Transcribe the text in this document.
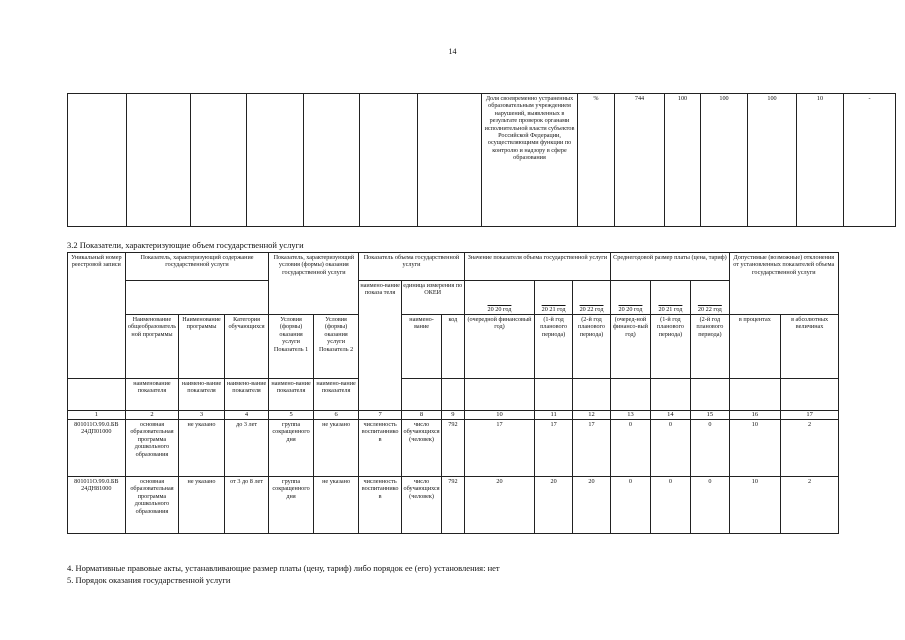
14
							Доля своевременно устраненных образовательным учреждением нарушений, выявленных в результате проверок органами исполнительной власти субъектов Российской Федерации, осуществляющими функции по контролю и надзору в сфере образования	%	744	100	100	100	10	-
3.2 Показатели, характеризующие объем государственной услуги
Уникальный номер реестровой записи	Показатель, характеризующий содержание государственной услуги			Показатель, характеризующий условия (формы) оказания государственной услуги		Показатель объема государственной услуги			Значение показателя объема государственной услуги			Среднегодовой размер платы (цена, тариф)			Допустимые (возможные) отклонения от установленных показателей объема государственной услуги	
						наимено-вание показа теля	единица измерения по ОКЕИ		20 20 год	20 21 год	20 22 год	20 20 год	20 21 год	20 22 год		
	Наименование общеобразовательной программы	Наименование программы	Категория обучающихся	Условия (формы) оказания услуги Показатель 1	Условия (формы) оказания услуги Показатель 2		наимено-вание	код	(очередной финансовый год)	(1-й год планового периода)	(2-й год планового периода)	(очеред-ной финансо-вый год)	(1-й год планового периода)	(2-й год планового периода)	в процентах	в абсолютных величинах
	наименование показателя	наимено-вание показателя	наимено-вание показателя	наимено-вание показателя	наимено-вание показателя											
1	2	3	4	5	6	7	8	9	10	11	12	13	14	15	16	17
801011О.99.0.БВ 24ДП01000	основная образовательная программа дошкольного образования	не указано	до 3 лет	группа сокращенного дня	не указано	численность воспитанников	число обучающихся (человек)	792	17	17	17	0	0	0	10	2
801011О.99.0.БВ 24ДН81000	основная образовательная программа дошкольного образования	не указано	от 3 до 8 лет	группа сокращенного дня	не указано	численность воспитанников	число обучающихся (человек)	792	20	20	20	0	0	0	10	2
4. Нормативные правовые акты, устанавливающие размер платы (цену, тариф) либо порядок ее (его) установления: нет
5. Порядок оказания государственной услуги
